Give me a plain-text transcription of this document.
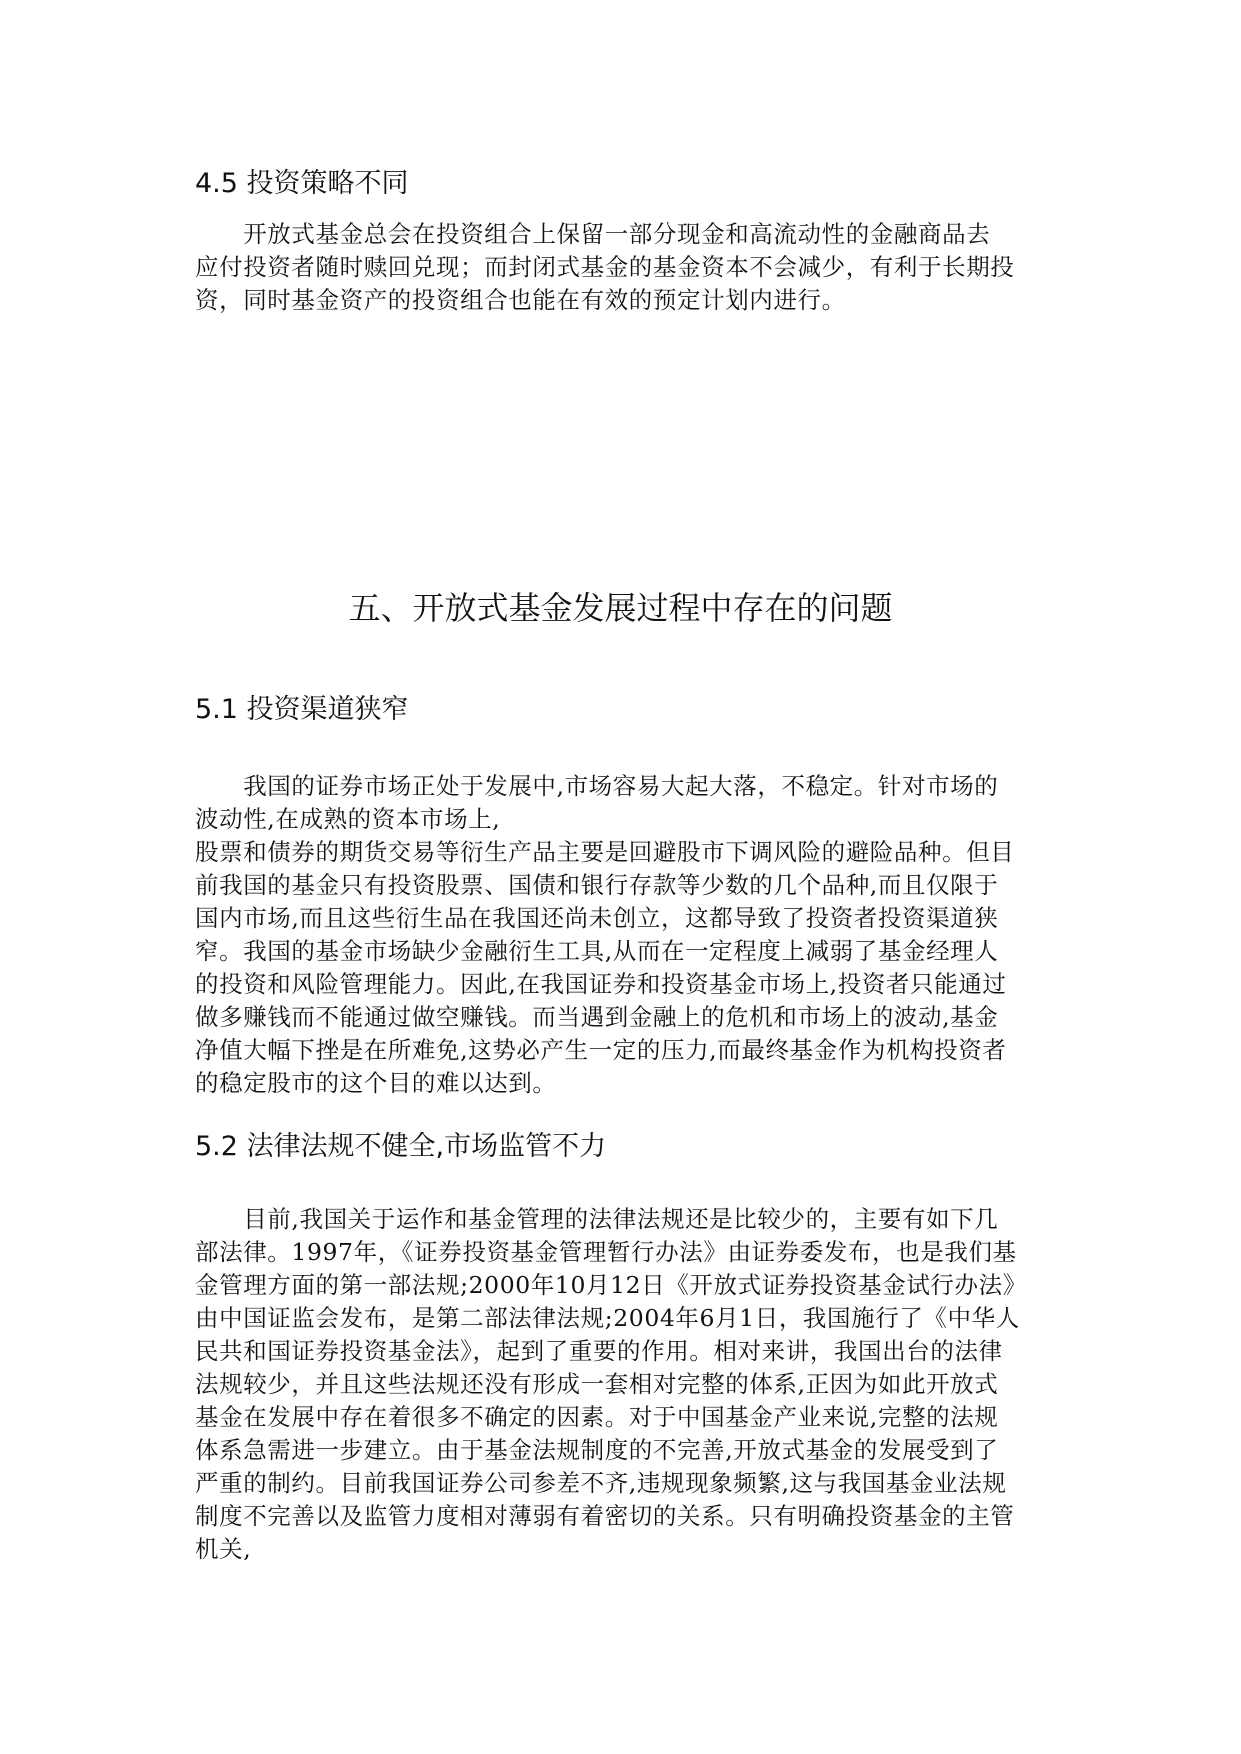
4.5 投资策略不同
　　开放式基金总会在投资组合上保留一部分现金和高流动性的金融商品去
应付投资者随时赎回兑现；而封闭式基金的基金资本不会减少，有利于长期投
资，同时基金资产的投资组合也能在有效的预定计划内进行。
五、开放式基金发展过程中存在的问题
5.1 投资渠道狭窄
　　我国的证券市场正处于发展中,市场容易大起大落，不稳定。针对市场的
波动性,在成熟的资本市场上,
股票和债券的期货交易等衍生产品主要是回避股市下调风险的避险品种。但目
前我国的基金只有投资股票、国债和银行存款等少数的几个品种,而且仅限于
国内市场,而且这些衍生品在我国还尚未创立，这都导致了投资者投资渠道狭
窄。我国的基金市场缺少金融衍生工具,从而在一定程度上减弱了基金经理人
的投资和风险管理能力。因此,在我国证券和投资基金市场上,投资者只能通过
做多赚钱而不能通过做空赚钱。而当遇到金融上的危机和市场上的波动,基金
净值大幅下挫是在所难免,这势必产生一定的压力,而最终基金作为机构投资者
的稳定股市的这个目的难以达到。
5.2 法律法规不健全,市场监管不力
　　目前,我国关于运作和基金管理的法律法规还是比较少的，主要有如下几
部法律。1997年，《证券投资基金管理暂行办法》由证券委发布，也是我们基
金管理方面的第一部法规;2000年10月12日《开放式证券投资基金试行办法》
由中国证监会发布，是第二部法律法规;2004年6月1日，我国施行了《中华人
民共和国证券投资基金法》，起到了重要的作用。相对来讲，我国出台的法律
法规较少，并且这些法规还没有形成一套相对完整的体系,正因为如此开放式
基金在发展中存在着很多不确定的因素。对于中国基金产业来说,完整的法规
体系急需进一步建立。由于基金法规制度的不完善,开放式基金的发展受到了
严重的制约。目前我国证券公司参差不齐,违规现象频繁,这与我国基金业法规
制度不完善以及监管力度相对薄弱有着密切的关系。只有明确投资基金的主管
机关,
